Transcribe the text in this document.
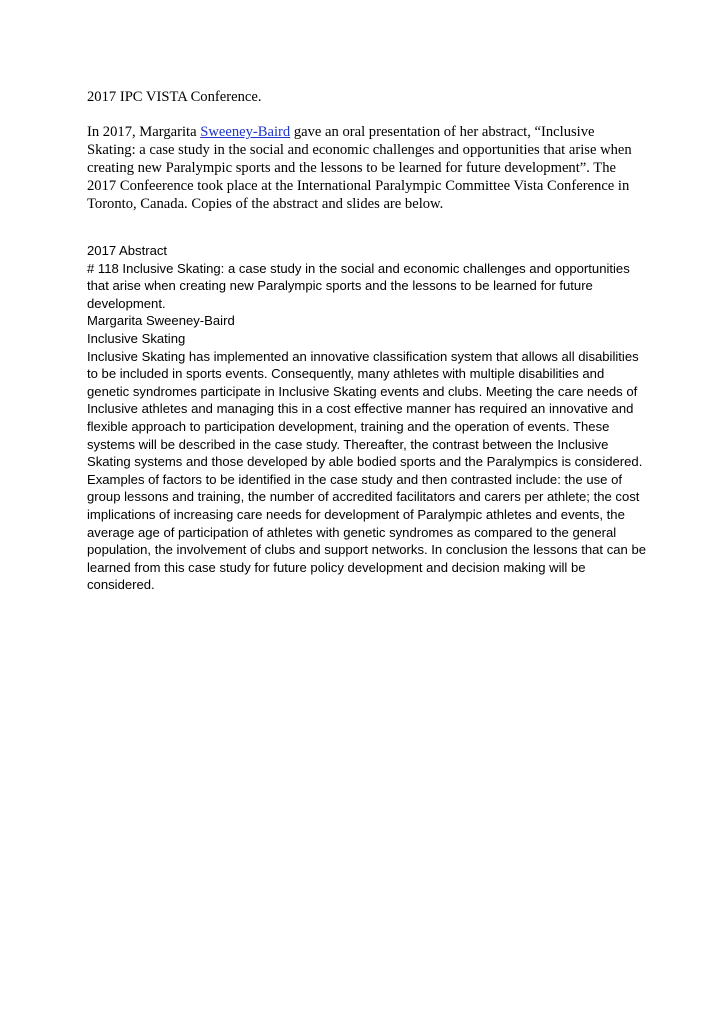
2017 IPC VISTA Conference.

In 2017, Margarita Sweeney-Baird gave an oral presentation of her abstract, “Inclusive Skating: a case study in the social and economic challenges and opportunities that arise when creating new Paralympic sports and the lessons to be learned for future development”. The 2017 Confeerence took place at the International Paralympic Committee Vista Conference in Toronto, Canada. Copies of the abstract and slides are below.

2017 Abstract
# 118 Inclusive Skating: a case study in the social and economic challenges and opportunities that arise when creating new Paralympic sports and the lessons to be learned for future development.
Margarita Sweeney-Baird
Inclusive Skating
Inclusive Skating has implemented an innovative classification system that allows all disabilities to be included in sports events. Consequently, many athletes with multiple disabilities and genetic syndromes participate in Inclusive Skating events and clubs. Meeting the care needs of Inclusive athletes and managing this in a cost effective manner has required an innovative and flexible approach to participation development, training and the operation of events. These systems will be described in the case study. Thereafter, the contrast between the Inclusive Skating systems and those developed by able bodied sports and the Paralympics is considered. Examples of factors to be identified in the case study and then contrasted include: the use of group lessons and training, the number of accredited facilitators and carers per athlete; the cost implications of increasing care needs for development of Paralympic athletes and events, the average age of participation of athletes with genetic syndromes as compared to the general population, the involvement of clubs and support networks. In conclusion the lessons that can be learned from this case study for future policy development and decision making will be considered.
